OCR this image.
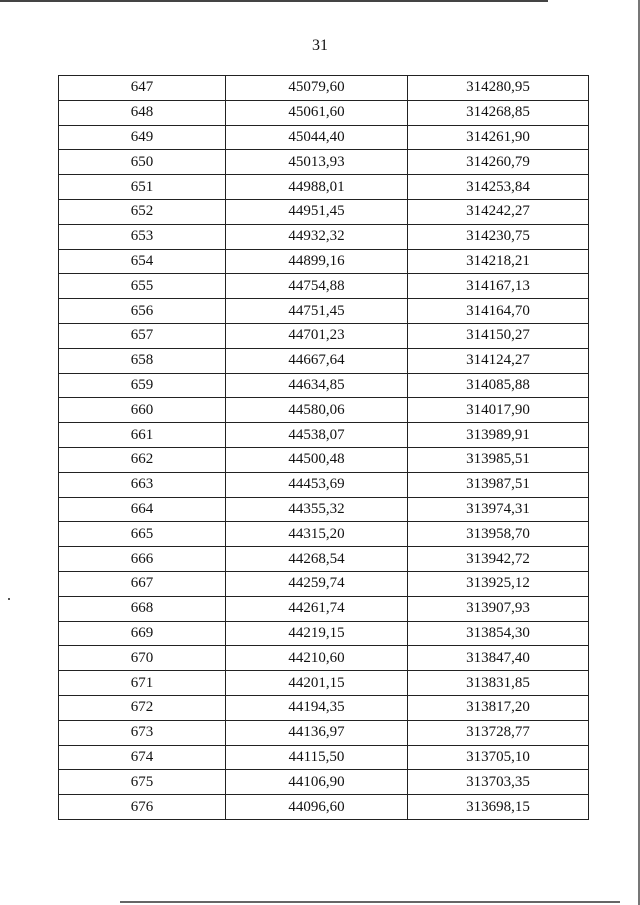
31
647	45079,60	314280,95
648	45061,60	314268,85
649	45044,40	314261,90
650	45013,93	314260,79
651	44988,01	314253,84
652	44951,45	314242,27
653	44932,32	314230,75
654	44899,16	314218,21
655	44754,88	314167,13
656	44751,45	314164,70
657	44701,23	314150,27
658	44667,64	314124,27
659	44634,85	314085,88
660	44580,06	314017,90
661	44538,07	313989,91
662	44500,48	313985,51
663	44453,69	313987,51
664	44355,32	313974,31
665	44315,20	313958,70
666	44268,54	313942,72
667	44259,74	313925,12
668	44261,74	313907,93
669	44219,15	313854,30
670	44210,60	313847,40
671	44201,15	313831,85
672	44194,35	313817,20
673	44136,97	313728,77
674	44115,50	313705,10
675	44106,90	313703,35
676	44096,60	313698,15
